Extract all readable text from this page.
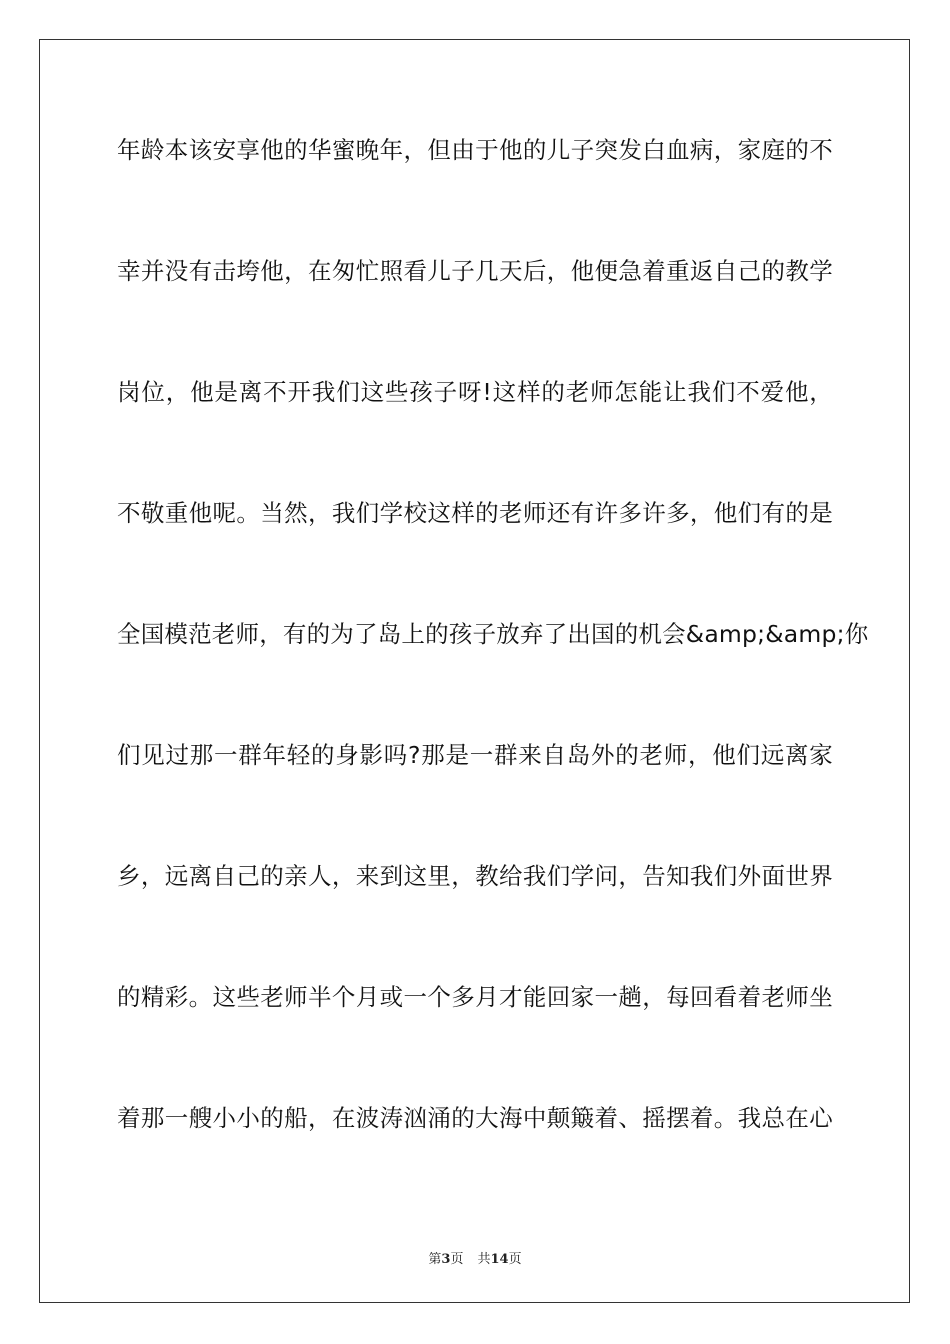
年龄本该安享他的华蜜晚年，但由于他的儿子突发白血病，家庭的不
幸并没有击垮他，在匆忙照看儿子几天后，他便急着重返自己的教学
岗位，他是离不开我们这些孩子呀!这样的老师怎能让我们不爱他，
不敬重他呢。当然，我们学校这样的老师还有许多许多，他们有的是
全国模范老师，有的为了岛上的孩子放弃了出国的机会&amp;&amp;你
们见过那一群年轻的身影吗?那是一群来自岛外的老师，他们远离家
乡，远离自己的亲人，来到这里，教给我们学问，告知我们外面世界
的精彩。这些老师半个月或一个多月才能回家一趟，每回看着老师坐
着那一艘小小的船，在波涛汹涌的大海中颠簸着、摇摆着。我总在心
第3页 共14页
